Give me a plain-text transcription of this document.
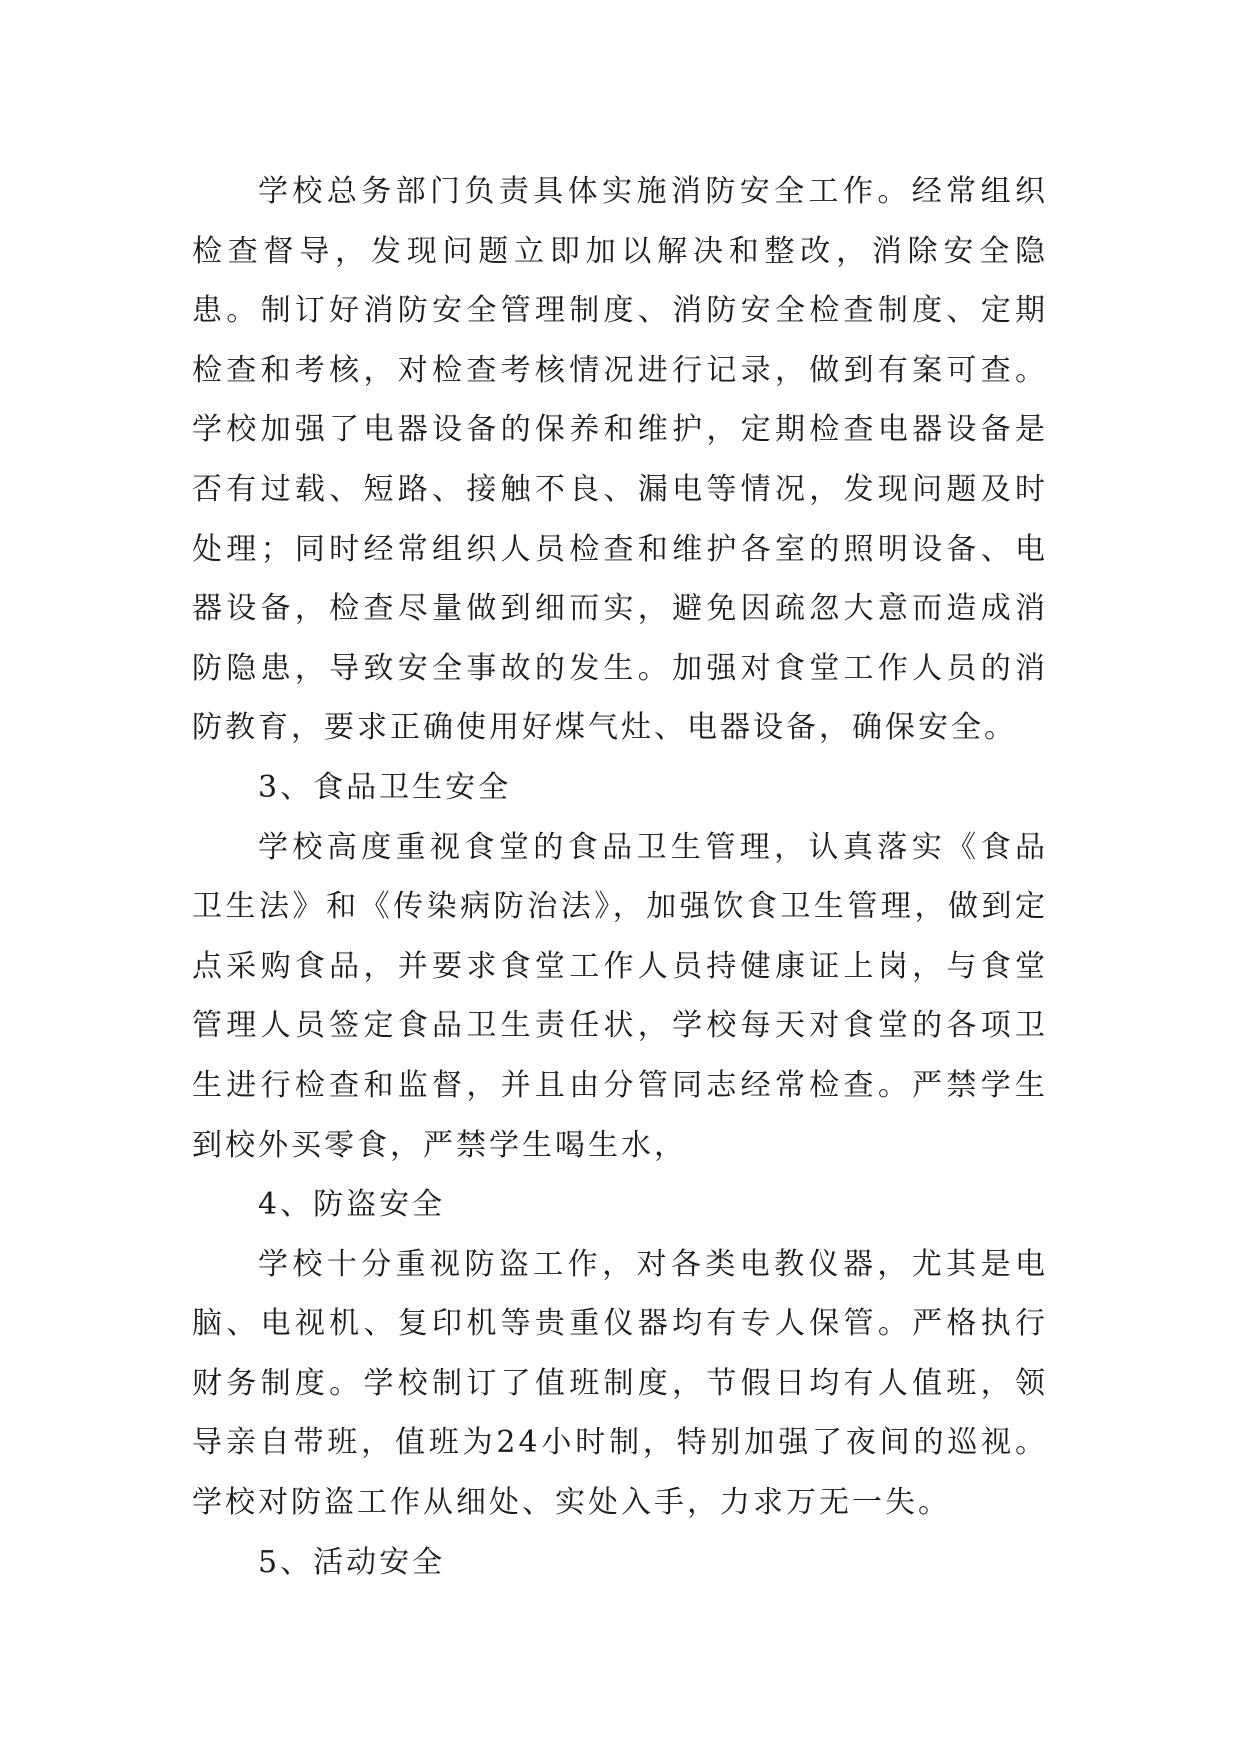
学校总务部门负责具体实施消防安全工作。经常组织检查督导，发现问题立即加以解决和整改，消除安全隐患。制订好消防安全管理制度、消防安全检查制度、定期检查和考核，对检查考核情况进行记录，做到有案可查。学校加强了电器设备的保养和维护，定期检查电器设备是否有过载、短路、接触不良、漏电等情况，发现问题及时处理；同时经常组织人员检查和维护各室的照明设备、电器设备，检查尽量做到细而实，避免因疏忽大意而造成消防隐患，导致安全事故的发生。加强对食堂工作人员的消防教育，要求正确使用好煤气灶、电器设备，确保安全。

3、食品卫生安全

学校高度重视食堂的食品卫生管理，认真落实《食品卫生法》和《传染病防治法》，加强饮食卫生管理，做到定点采购食品，并要求食堂工作人员持健康证上岗，与食堂管理人员签定食品卫生责任状，学校每天对食堂的各项卫生进行检查和监督，并且由分管同志经常检查。严禁学生到校外买零食，严禁学生喝生水，

4、防盗安全

学校十分重视防盗工作，对各类电教仪器，尤其是电脑、电视机、复印机等贵重仪器均有专人保管。严格执行财务制度。学校制订了值班制度，节假日均有人值班，领导亲自带班，值班为24小时制，特别加强了夜间的巡视。学校对防盗工作从细处、实处入手，力求万无一失。

5、活动安全
